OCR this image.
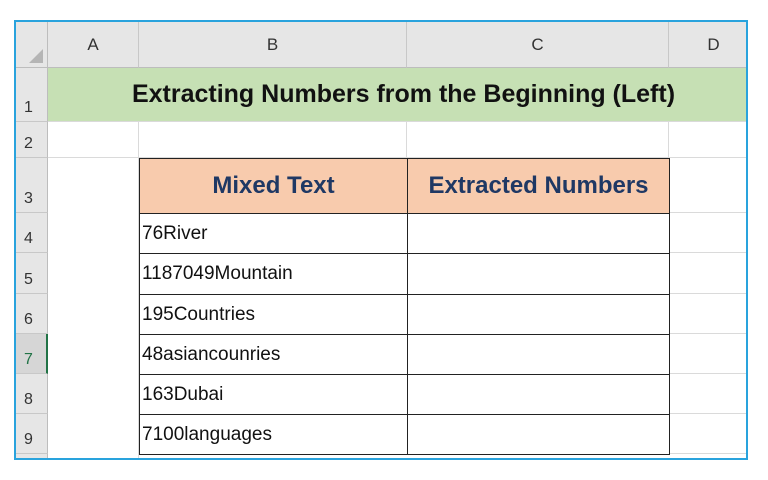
A	B	C	D
1
2
3
4
5
6
7
8
9
Extracting Numbers from the Beginning (Left)
Mixed Text	Extracted Numbers
76River
1187049Mountain
195Countries
48asiancounries
163Dubai
7100languages
